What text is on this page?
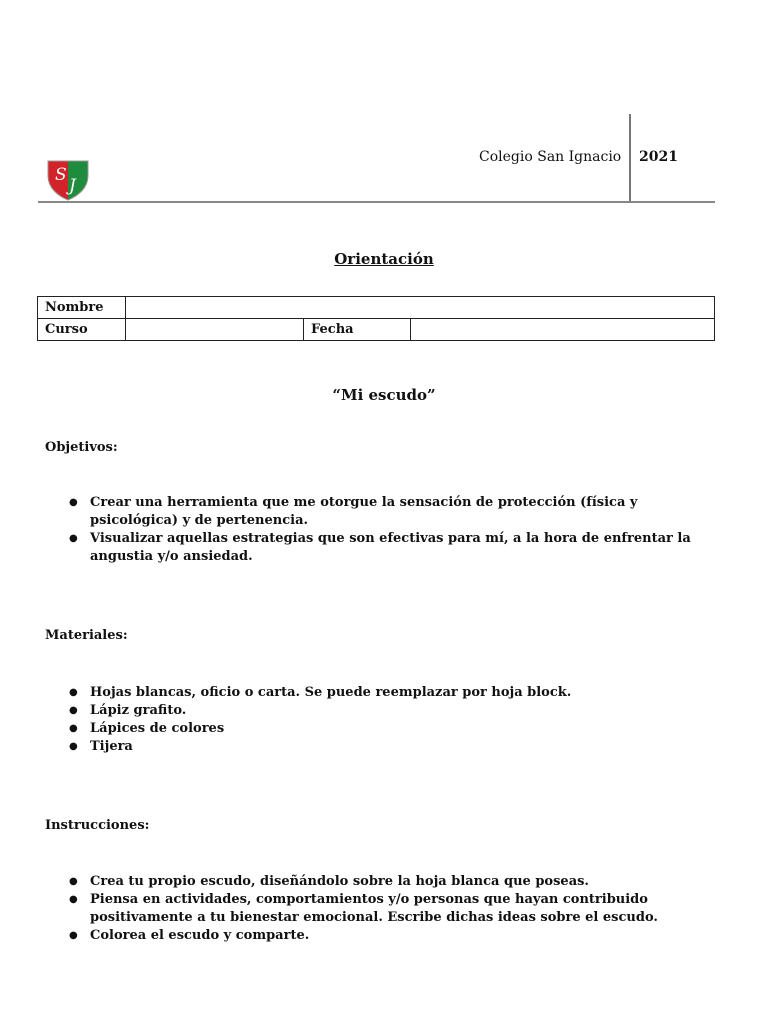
S
J
Colegio San Ignacio 2021
Orientación
Nombre			
Curso		Fecha	
“Mi escudo”
Objetivos:
● Crear una herramienta que me otorgue la sensación de protección (física y psicológica) y de pertenencia.
● Visualizar aquellas estrategias que son efectivas para mí, a la hora de enfrentar la angustia y/o ansiedad.
Materiales:
● Hojas blancas, oficio o carta. Se puede reemplazar por hoja block.
● Lápiz grafito.
● Lápices de colores
● Tijera
Instrucciones:
● Crea tu propio escudo, diseñándolo sobre la hoja blanca que poseas.
● Piensa en actividades, comportamientos y/o personas que hayan contribuido positivamente a tu bienestar emocional. Escribe dichas ideas sobre el escudo.
● Colorea el escudo y comparte.
